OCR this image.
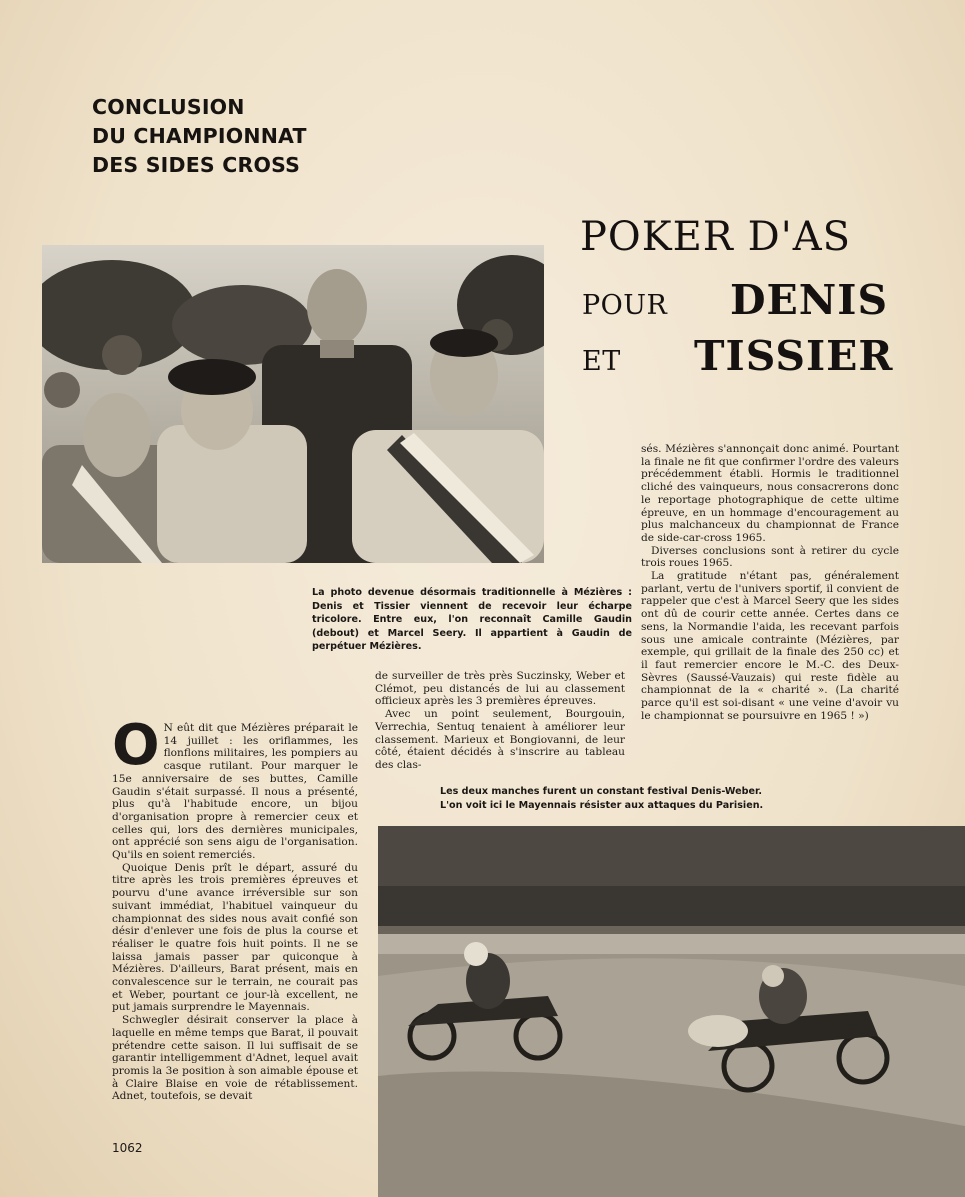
CONCLUSION
DU CHAMPIONNAT
DES SIDES CROSS
POKER D'AS
POUR DENIS
ET TISSIER
La photo devenue désormais traditionnelle à Mézières : Denis et Tissier viennent de recevoir leur écharpe tricolore. Entre eux, l'on reconnaît Camille Gaudin (debout) et Marcel Seery. Il appartient à Gaudin de perpétuer Mézières.

O N eût dit que Mézières préparait le 14 juillet : les oriflammes, les flonflons militaires, les pompiers au casque rutilant. Pour marquer le 15e anniversaire de ses buttes, Camille Gaudin s'était surpassé. Il nous a présenté, plus qu'à l'habitude encore, un bijou d'organisation propre à remercier ceux et celles qui, lors des dernières municipales, ont apprécié son sens aigu de l'organisation. Qu'ils en soient remerciés.

Quoique Denis prît le départ, assuré du titre après les trois premières épreuves et pourvu d'une avance irréversible sur son suivant immédiat, l'habituel vainqueur du championnat des sides nous avait confié son désir d'enlever une fois de plus la course et réaliser le quatre fois huit points. Il ne se laissa jamais passer par quiconque à Mézières. D'ailleurs, Barat présent, mais en convalescence sur le terrain, ne courait pas et Weber, pourtant ce jour-là excellent, ne put jamais surprendre le Mayennais.

Schwegler désirait conserver la place à laquelle en même temps que Barat, il pouvait prétendre cette saison. Il lui suffisait de se garantir intelligemment d'Adnet, lequel avait promis la 3e position à son aimable épouse et à Claire Blaise en voie de rétablissement. Adnet, toutefois, se devait

de surveiller de très près Suczinsky, Weber et Clémot, peu distancés de lui au classement officieux après les 3 premières épreuves.

Avec un point seulement, Bourgouin, Verrechia, Sentuq tenaient à améliorer leur classement. Marieux et Bongiovanni, de leur côté, étaient décidés à s'inscrire au tableau des clas-

sés. Mézières s'annonçait donc animé. Pourtant la finale ne fit que confirmer l'ordre des valeurs précédemment établi. Hormis le traditionnel cliché des vainqueurs, nous consacrerons donc le reportage photographique de cette ultime épreuve, en un hommage d'encouragement au plus malchanceux du championnat de France de side-car-cross 1965.

Diverses conclusions sont à retirer du cycle trois roues 1965.

La gratitude n'étant pas, généralement parlant, vertu de l'univers sportif, il convient de rappeler que c'est à Marcel Seery que les sides ont dû de courir cette année. Certes dans ce sens, la Normandie l'aida, les recevant parfois sous une amicale contrainte (Mézières, par exemple, qui grillait de la finale des 250 cc) et il faut remercier encore le M.-C. des Deux-Sèvres (Saussé-Vauzais) qui reste fidèle au championnat de la « charité ». (La charité parce qu'il est soi-disant « une veine d'avoir vu le championnat se poursuivre en 1965 ! »)

Les deux manches furent un constant festival Denis-Weber.
L'on voit ici le Mayennais résister aux attaques du Parisien.
1062
